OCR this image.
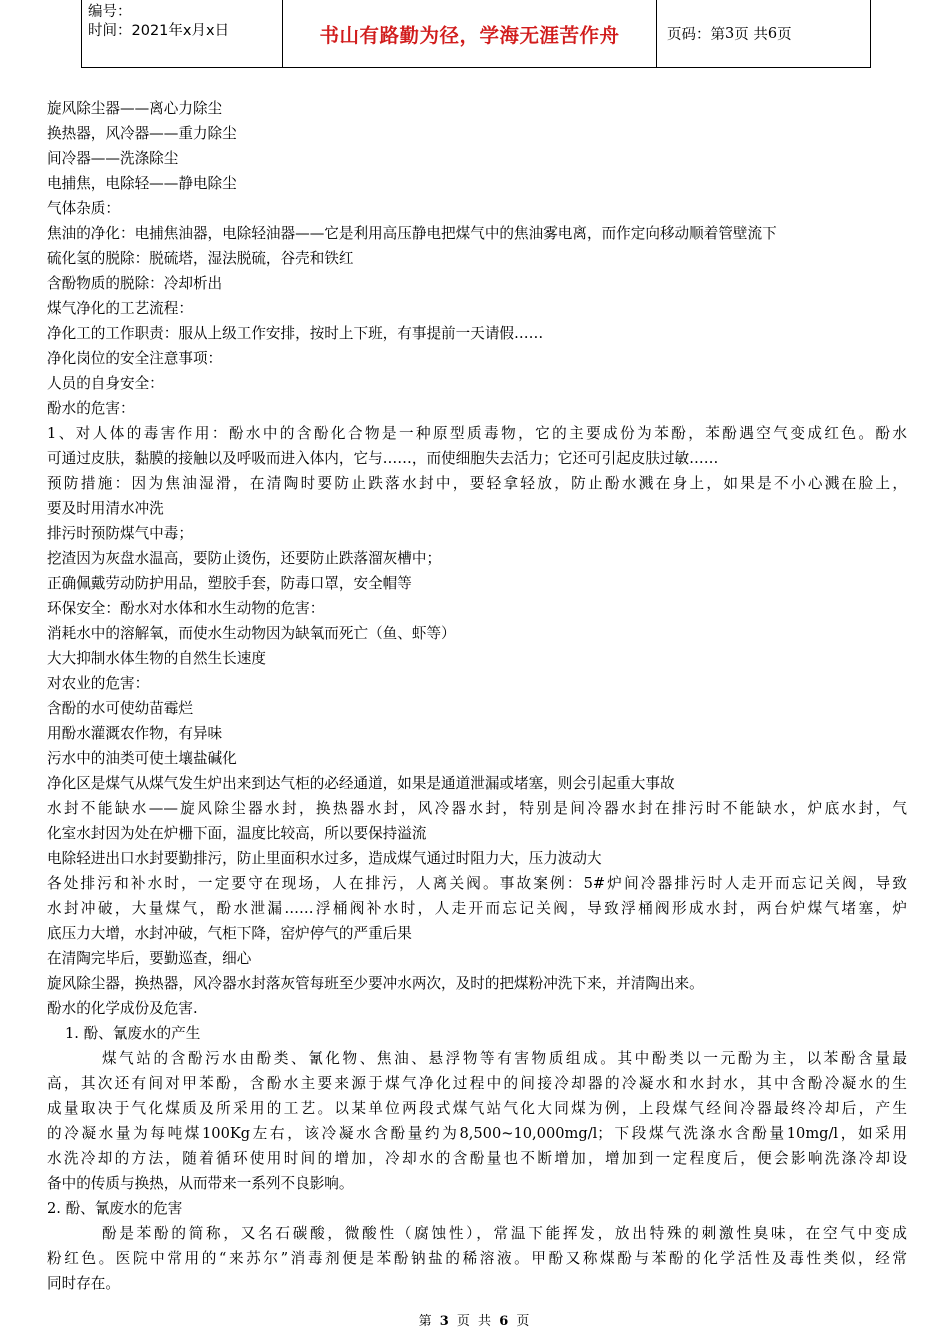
编号：
时间：2021年x月x日	书山有路勤为径，学海无涯苦作舟	页码：第 3 页 共 6 页
旋风除尘器——离心力除尘
换热器，风冷器——重力除尘
间冷器——洗涤除尘
电捕焦，电除轻——静电除尘
气体杂质：
焦油的净化：电捕焦油器，电除轻油器——它是利用高压静电把煤气中的焦油雾电离，而作定向移动顺着管壁流下
硫化氢的脱除：脱硫塔，湿法脱硫，谷壳和铁红
含酚物质的脱除：冷却析出
煤气净化的工艺流程：
净化工的工作职责：服从上级工作安排，按时上下班，有事提前一天请假……
净化岗位的安全注意事项：
人员的自身安全：
酚水的危害：
1、对人体的毒害作用：酚水中的含酚化合物是一种原型质毒物，它的主要成份为苯酚，苯酚遇空气变成红色。酚水
可通过皮肤，黏膜的接触以及呼吸而进入体内，它与……，而使细胞失去活力；它还可引起皮肤过敏……
预防措施：因为焦油湿滑，在清陶时要防止跌落水封中，要轻拿轻放，防止酚水溅在身上，如果是不小心溅在脸上，
要及时用清水冲洗
排污时预防煤气中毒；
挖渣因为灰盘水温高，要防止烫伤，还要防止跌落溜灰槽中；
正确佩戴劳动防护用品，塑胶手套，防毒口罩，安全帽等
环保安全：酚水对水体和水生动物的危害：
消耗水中的溶解氧，而使水生动物因为缺氧而死亡（鱼、虾等）
大大抑制水体生物的自然生长速度
对农业的危害：
含酚的水可使幼苗霉烂
用酚水灌溉农作物，有异味
污水中的油类可使土壤盐碱化
净化区是煤气从煤气发生炉出来到达气柜的必经通道，如果是通道泄漏或堵塞，则会引起重大事故
水封不能缺水——旋风除尘器水封，换热器水封，风冷器水封，特别是间冷器水封在排污时不能缺水，炉底水封，气
化室水封因为处在炉栅下面，温度比较高，所以要保持溢流
电除轻进出口水封要勤排污，防止里面积水过多，造成煤气通过时阻力大，压力波动大
各处排污和补水时，一定要守在现场，人在排污，人离关阀。事故案例：5#炉间冷器排污时人走开而忘记关阀，导致
水封冲破，大量煤气，酚水泄漏……浮桶阀补水时，人走开而忘记关阀，导致浮桶阀形成水封，两台炉煤气堵塞，炉
底压力大增，水封冲破，气柜下降，窑炉停气的严重后果
在清陶完毕后，要勤巡查，细心
旋风除尘器，换热器，风冷器水封落灰管每班至少要冲水两次，及时的把煤粉冲洗下来，并清陶出来。
酚水的化学成份及危害.
1. 酚、氰废水的产生
煤气站的含酚污水由酚类、氰化物、焦油、悬浮物等有害物质组成。其中酚类以一元酚为主，以苯酚含量最
高，其次还有间对甲苯酚，含酚水主要来源于煤气净化过程中的间接冷却器的冷凝水和水封水，其中含酚冷凝水的生
成量取决于气化煤质及所采用的工艺。以某单位两段式煤气站气化大同煤为例，上段煤气经间冷器最终冷却后，产生
的冷凝水量为每吨煤100Kg左右，该冷凝水含酚量约为8,500~10,000mg/l；下段煤气洗涤水含酚量10mg/l，如采用
水洗冷却的方法，随着循环使用时间的增加，冷却水的含酚量也不断增加，增加到一定程度后，便会影响洗涤冷却设
备中的传质与换热，从而带来一系列不良影响。
2. 酚、氰废水的危害
酚是苯酚的简称，又名石碳酸，微酸性（腐蚀性），常温下能挥发，放出特殊的刺激性臭味，在空气中变成
粉红色。医院中常用的“来苏尔”消毒剂便是苯酚钠盐的稀溶液。甲酚又称煤酚与苯酚的化学活性及毒性类似，经常
同时存在。
第 3 页 共 6 页
